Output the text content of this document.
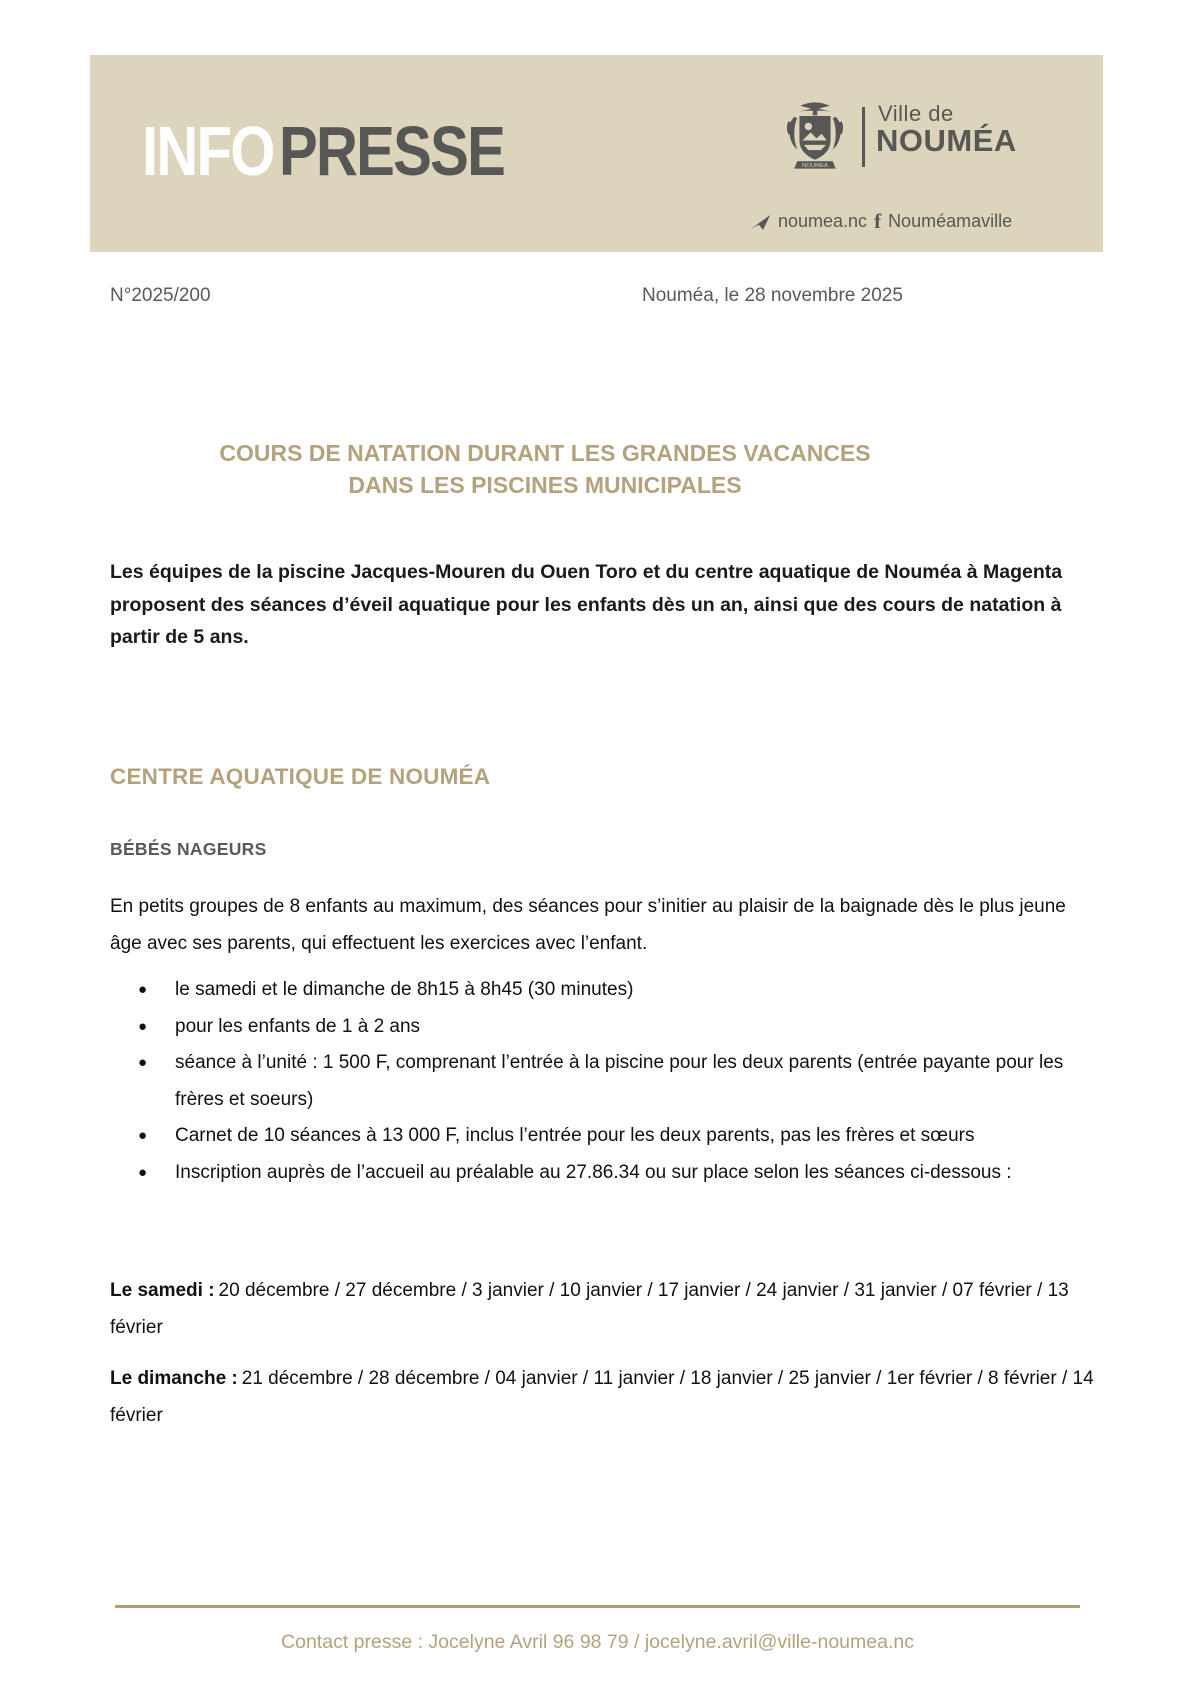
INFOPRESSE	NOUMEA
Ville de
NOUMÉA
noumea.nc f Nouméamaville
N°2025/200	Nouméa, le 28 novembre 2025
COURS DE NATATION DURANT LES GRANDES VACANCES
DANS LES PISCINES MUNICIPALES

Les équipes de la piscine Jacques-Mouren du Ouen Toro et du centre aquatique de Nouméa à Magenta proposent des séances d’éveil aquatique pour les enfants dès un an, ainsi que des cours de natation à partir de 5 ans.

CENTRE AQUATIQUE DE NOUMÉA
BÉBÉS NAGEURS

En petits groupes de 8 enfants au maximum, des séances pour s’initier au plaisir de la baignade dès le plus jeune âge avec ses parents, qui effectuent les exercices avec l’enfant.

●	le samedi et le dimanche de 8h15 à 8h45 (30 minutes)
●	pour les enfants de 1 à 2 ans
●	séance à l’unité : 1 500 F, comprenant l’entrée à la piscine pour les deux parents (entrée payante pour les frères et soeurs)
●	Carnet de 10 séances à 13 000 F, inclus l’entrée pour les deux parents, pas les frères et sœurs
●	Inscription auprès de l’accueil au préalable au 27.86.34 ou sur place selon les séances ci-dessous :

Le samedi : 20 décembre / 27 décembre / 3 janvier / 10 janvier / 17 janvier / 24 janvier / 31 janvier / 07 février / 13 février

Le dimanche : 21 décembre / 28 décembre / 04 janvier / 11 janvier / 18 janvier / 25 janvier / 1er février / 8 février / 14 février

Contact presse : Jocelyne Avril 96 98 79 / jocelyne.avril@ville-noumea.nc
